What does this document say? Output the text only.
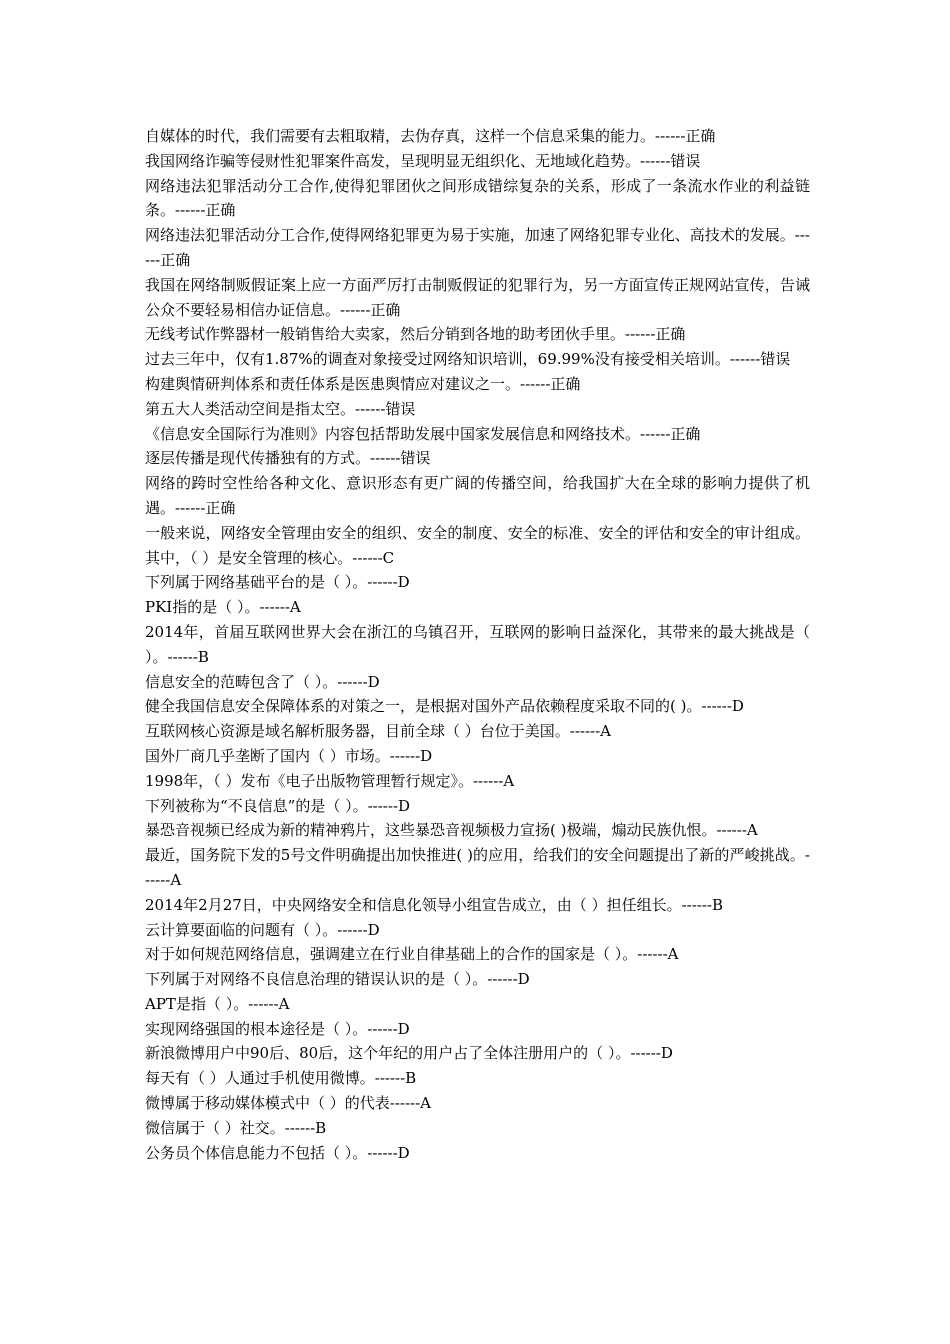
自媒体的时代，我们需要有去粗取精，去伪存真，这样一个信息采集的能力。------正确

我国网络诈骗等侵财性犯罪案件高发，呈现明显无组织化、无地域化趋势。------错误

网络违法犯罪活动分工合作,使得犯罪团伙之间形成错综复杂的关系，形成了一条流水作业的利益链条。------正确

网络违法犯罪活动分工合作,使得网络犯罪更为易于实施，加速了网络犯罪专业化、高技术的发展。------正确

我国在网络制贩假证案上应一方面严厉打击制贩假证的犯罪行为，另一方面宣传正规网站宣传，告诫公众不要轻易相信办证信息。------正确

无线考试作弊器材一般销售给大卖家，然后分销到各地的助考团伙手里。------正确

过去三年中，仅有1.87%的调查对象接受过网络知识培训，69.99%没有接受相关培训。------错误

构建舆情研判体系和责任体系是医患舆情应对建议之一。------正确

第五大人类活动空间是指太空。------错误

《信息安全国际行为准则》内容包括帮助发展中国家发展信息和网络技术。------正确

逐层传播是现代传播独有的方式。------错误

网络的跨时空性给各种文化、意识形态有更广阔的传播空间，给我国扩大在全球的影响力提供了机遇。------正确

一般来说，网络安全管理由安全的组织、安全的制度、安全的标准、安全的评估和安全的审计组成。其中，（ ）是安全管理的核心。------C

下列属于网络基础平台的是（ ）。------D

PKI指的是（ ）。------A

2014年，首届互联网世界大会在浙江的乌镇召开，互联网的影响日益深化，其带来的最大挑战是（ ）。------B

信息安全的范畴包含了（ ）。------D

健全我国信息安全保障体系的对策之一，是根据对国外产品依赖程度采取不同的( )。------D

互联网核心资源是域名解析服务器，目前全球（ ）台位于美国。------A

国外厂商几乎垄断了国内（ ）市场。------D

1998年，（ ）发布《电子出版物管理暂行规定》。------A

下列被称为“不良信息”的是（ ）。------D

暴恐音视频已经成为新的精神鸦片，这些暴恐音视频极力宣扬( )极端，煽动民族仇恨。------A

最近，国务院下发的5号文件明确提出加快推进( )的应用，给我们的安全问题提出了新的严峻挑战。------A

2014年2月27日，中央网络安全和信息化领导小组宣告成立，由（ ）担任组长。------B

云计算要面临的问题有（ ）。------D

对于如何规范网络信息，强调建立在行业自律基础上的合作的国家是（ ）。------A

下列属于对网络不良信息治理的错误认识的是（ ）。------D

APT是指（ ）。------A

实现网络强国的根本途径是（ ）。------D

新浪微博用户中90后、80后，这个年纪的用户占了全体注册用户的（ ）。------D

每天有（ ）人通过手机使用微博。------B

微博属于移动媒体模式中（ ）的代表------A

微信属于（ ）社交。------B

公务员个体信息能力不包括（ ）。------D
